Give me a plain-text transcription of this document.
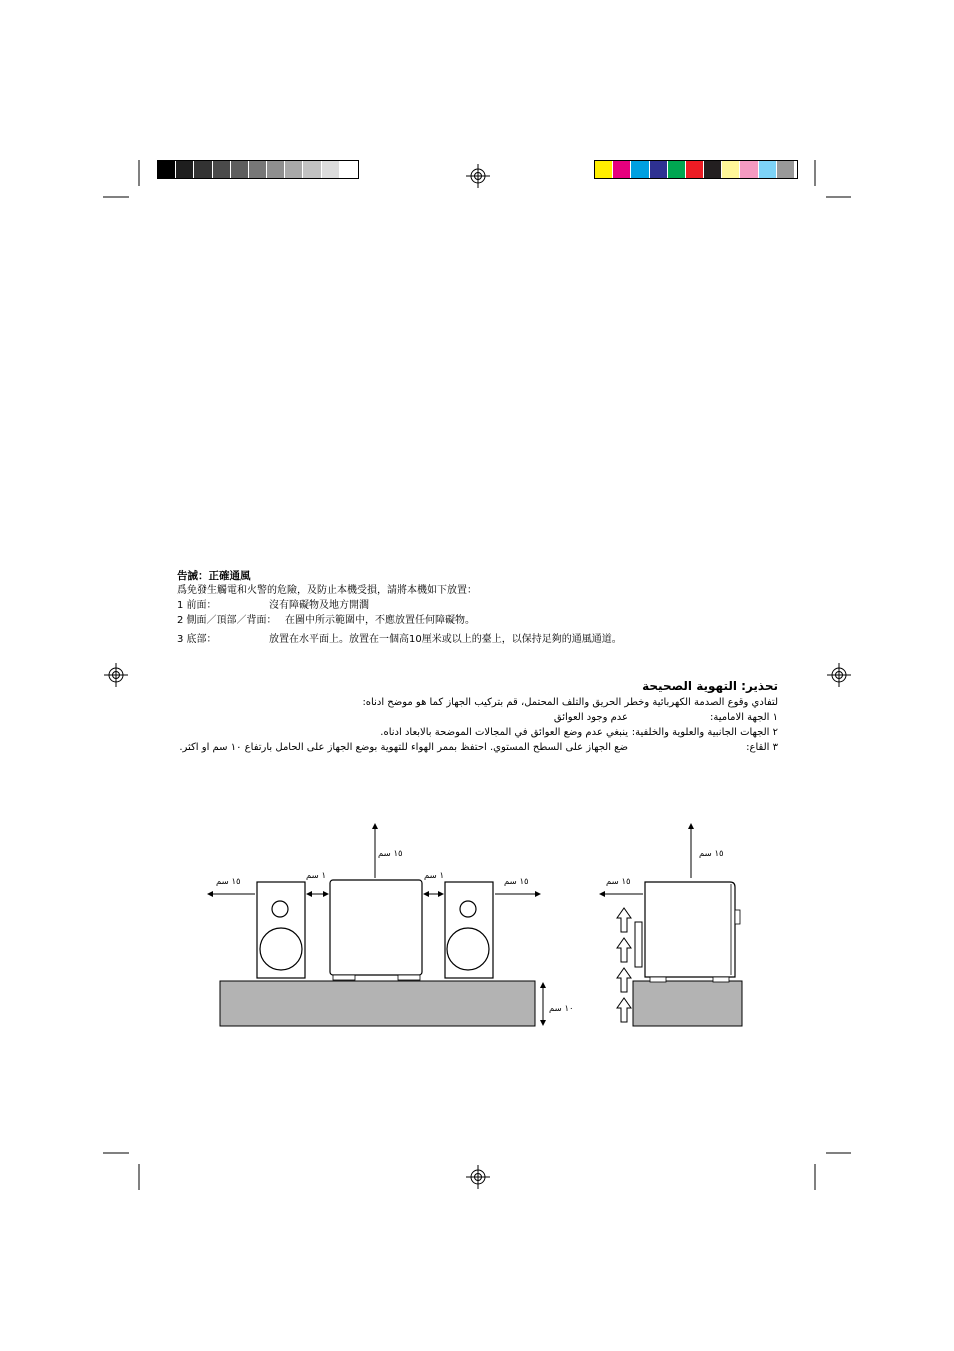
告誡：正確通風
爲免發生觸電和火警的危險，及防止本機受損，請將本機如下放置：
1 前面：	沒有障礙物及地方開濶
2 側面／頂部／背面： 在圖中所示範圍中，不應放置任何障礙物。
3 底部：	放置在水平面上。放置在一個高10厘米或以上的臺上，以保持足夠的通風通道。
تحذير: التهوية الصحيحة
لتفادي وقوع الصدمة الكهربائية وخطر الحريق والتلف المحتمل، قم بتركيب الجهاز كما هو موضح ادناه:
١ الجهة الامامية:
عدم وجود العوائق
٢ الجهات الجانبية والعلوية والخلفية:
ينبغي عدم وضع العوائق في المجالات الموضحة بالابعاد ادناه.
٣ القاع:
ضع الجهاز على السطح المستوي. احتفظ بممر الهواء للتهوية بوضع الجهاز على الحامل بارتفاع ١٠ سم او اكثر.
١٥ سم
١٥ سم
١ سم	١ سم
١٥ سم
١٠ سم
١٥ سم
١٥ سم
